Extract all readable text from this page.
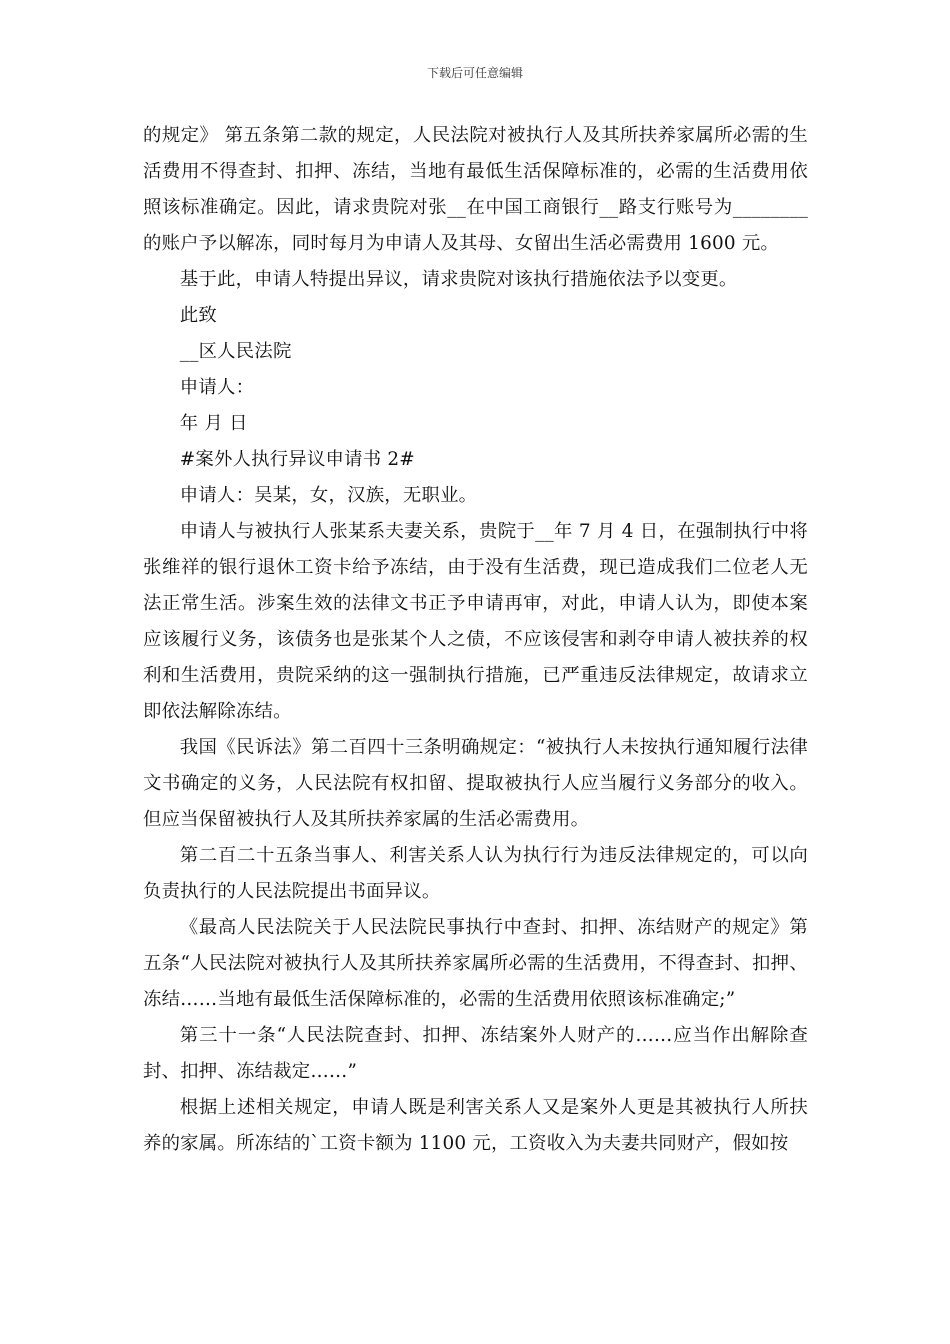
下载后可任意编辑

的规定》 第五条第二款的规定，人民法院对被执行人及其所扶养家属所必需的生活费用不得查封、扣押、冻结，当地有最低生活保障标准的，必需的生活费用依照该标准确定。因此，请求贵院对张__在中国工商银行__路支行账号为________的账户予以解冻，同时每月为申请人及其母、女留出生活必需费用 1600 元。

基于此，申请人特提出异议，请求贵院对该执行措施依法予以变更。

此致

__区人民法院

申请人：

年 月 日

#案外人执行异议申请书 2#

申请人：吴某，女，汉族，无职业。

申请人与被执行人张某系夫妻关系，贵院于__年 7 月 4 日，在强制执行中将张维祥的银行退休工资卡给予冻结，由于没有生活费，现已造成我们二位老人无法正常生活。涉案生效的法律文书正予申请再审，对此，申请人认为，即使本案应该履行义务，该债务也是张某个人之债，不应该侵害和剥夺申请人被扶养的权利和生活费用，贵院采纳的这一强制执行措施，已严重违反法律规定，故请求立即依法解除冻结。

我国《民诉法》第二百四十三条明确规定：“被执行人未按执行通知履行法律文书确定的义务，人民法院有权扣留、提取被执行人应当履行义务部分的收入。但应当保留被执行人及其所扶养家属的生活必需费用。

第二百二十五条当事人、利害关系人认为执行行为违反法律规定的，可以向负责执行的人民法院提出书面异议。

《最高人民法院关于人民法院民事执行中查封、扣押、冻结财产的规定》第五条“人民法院对被执行人及其所扶养家属所必需的生活费用，不得查封、扣押、冻结……当地有最低生活保障标准的，必需的生活费用依照该标准确定;”

第三十一条“人民法院查封、扣押、冻结案外人财产的……应当作出解除查封、扣押、冻结裁定……”

根据上述相关规定，申请人既是利害关系人又是案外人更是其被执行人所扶养的家属。所冻结的`工资卡额为 1100 元，工资收入为夫妻共同财产，假如按
